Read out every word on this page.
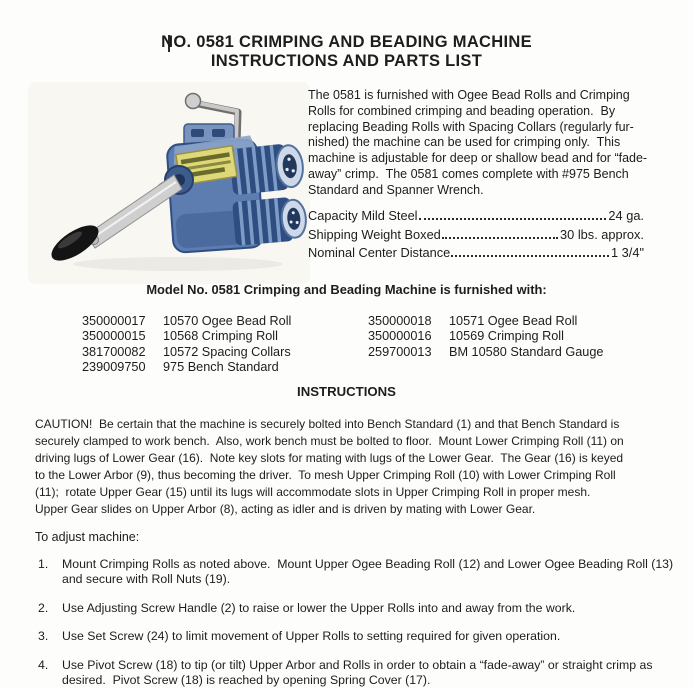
NO. 0581 CRIMPING AND BEADING MACHINE
INSTRUCTIONS AND PARTS LIST
The 0581 is furnished with Ogee Bead Rolls and Crimping
Rolls for combined crimping and beading operation.  By
replacing Beading Rolls with Spacing Collars (regularly fur-
nished) the machine can be used for crimping only.  This
machine is adjustable for deep or shallow bead and for “fade-
away” crimp.  The 0581 comes complete with #975 Bench
Standard and Spanner Wrench.
Capacity Mild Steel	24 ga.
Shipping Weight Boxed	30 lbs. approx.
Nominal Center Distance	1 3/4"
Model No. 0581 Crimping and Beading Machine is furnished with:
350000017	10570 Ogee Bead Roll
350000015	10568 Crimping Roll
381700082	10572 Spacing Collars
239009750	975 Bench Standard
350000018	10571 Ogee Bead Roll
350000016	10569 Crimping Roll
259700013	BM 10580 Standard Gauge
INSTRUCTIONS
CAUTION!  Be certain that the machine is securely bolted into Bench Standard (1) and that Bench Standard is
securely clamped to work bench.  Also, work bench must be bolted to floor.  Mount Lower Crimping Roll (11) on
driving lugs of Lower Gear (16).  Note key slots for mating with lugs of the Lower Gear.  The Gear (16) is keyed
to the Lower Arbor (9), thus becoming the driver.  To mesh Upper Crimping Roll (10) with Lower Crimping Roll
(11);  rotate Upper Gear (15) until its lugs will accommodate slots in Upper Crimping Roll in proper mesh.
Upper Gear slides on Upper Arbor (8), acting as idler and is driven by mating with Lower Gear.
To adjust machine:
1.	Mount Crimping Rolls as noted above.  Mount Upper Ogee Beading Roll (12) and Lower Ogee Beading Roll (13) and secure with Roll Nuts (19).
2.	Use Adjusting Screw Handle (2) to raise or lower the Upper Rolls into and away from the work.
3.	Use Set Screw (24) to limit movement of Upper Rolls to setting required for given operation.
4.	Use Pivot Screw (18) to tip (or tilt) Upper Arbor and Rolls in order to obtain a “fade-away” or straight crimp as desired.  Pivot Screw (18) is reached by opening Spring Cover (17).
